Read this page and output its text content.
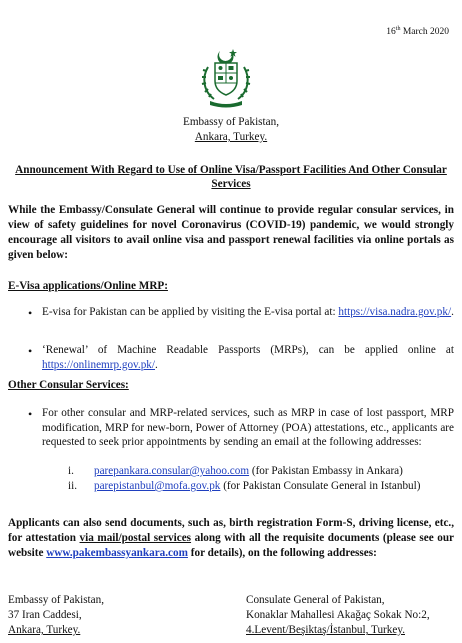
16th March 2020
Embassy of Pakistan,
Ankara, Turkey.
Announcement With Regard to Use of Online Visa/Passport Facilities And Other Consular Services
While the Embassy/Consulate General will continue to provide regular consular services, in view of safety guidelines for novel Coronavirus (COVID-19) pandemic, we would strongly encourage all visitors to avail online visa and passport renewal facilities via online portals as given below:
E-Visa applications/Online MRP:
• E-visa for Pakistan can be applied by visiting the E-visa portal at: https://visa.nadra.gov.pk/.
• ‘Renewal’ of Machine Readable Passports (MRPs), can be applied online at https://onlinemrp.gov.pk/.
Other Consular Services:
• For other consular and MRP-related services, such as MRP in case of lost passport, MRP modification, MRP for new-born, Power of Attorney (POA) attestations, etc., applicants are requested to seek prior appointments by sending an email at the following addresses:
i. parepankara.consular@yahoo.com (for Pakistan Embassy in Ankara)
ii. parepistanbul@mofa.gov.pk (for Pakistan Consulate General in Istanbul)
Applicants can also send documents, such as, birth registration Form-S, driving license, etc., for attestation via mail/postal services along with all the requisite documents (please see our website www.pakembassyankara.com for details), on the following addresses:
Embassy of Pakistan,
37 Iran Caddesi,
Ankara, Turkey.
Consulate General of Pakistan,
Konaklar Mahallesi Akağaç Sokak No:2,
4.Levent/Beşiktaş/İstanbul, Turkey.
